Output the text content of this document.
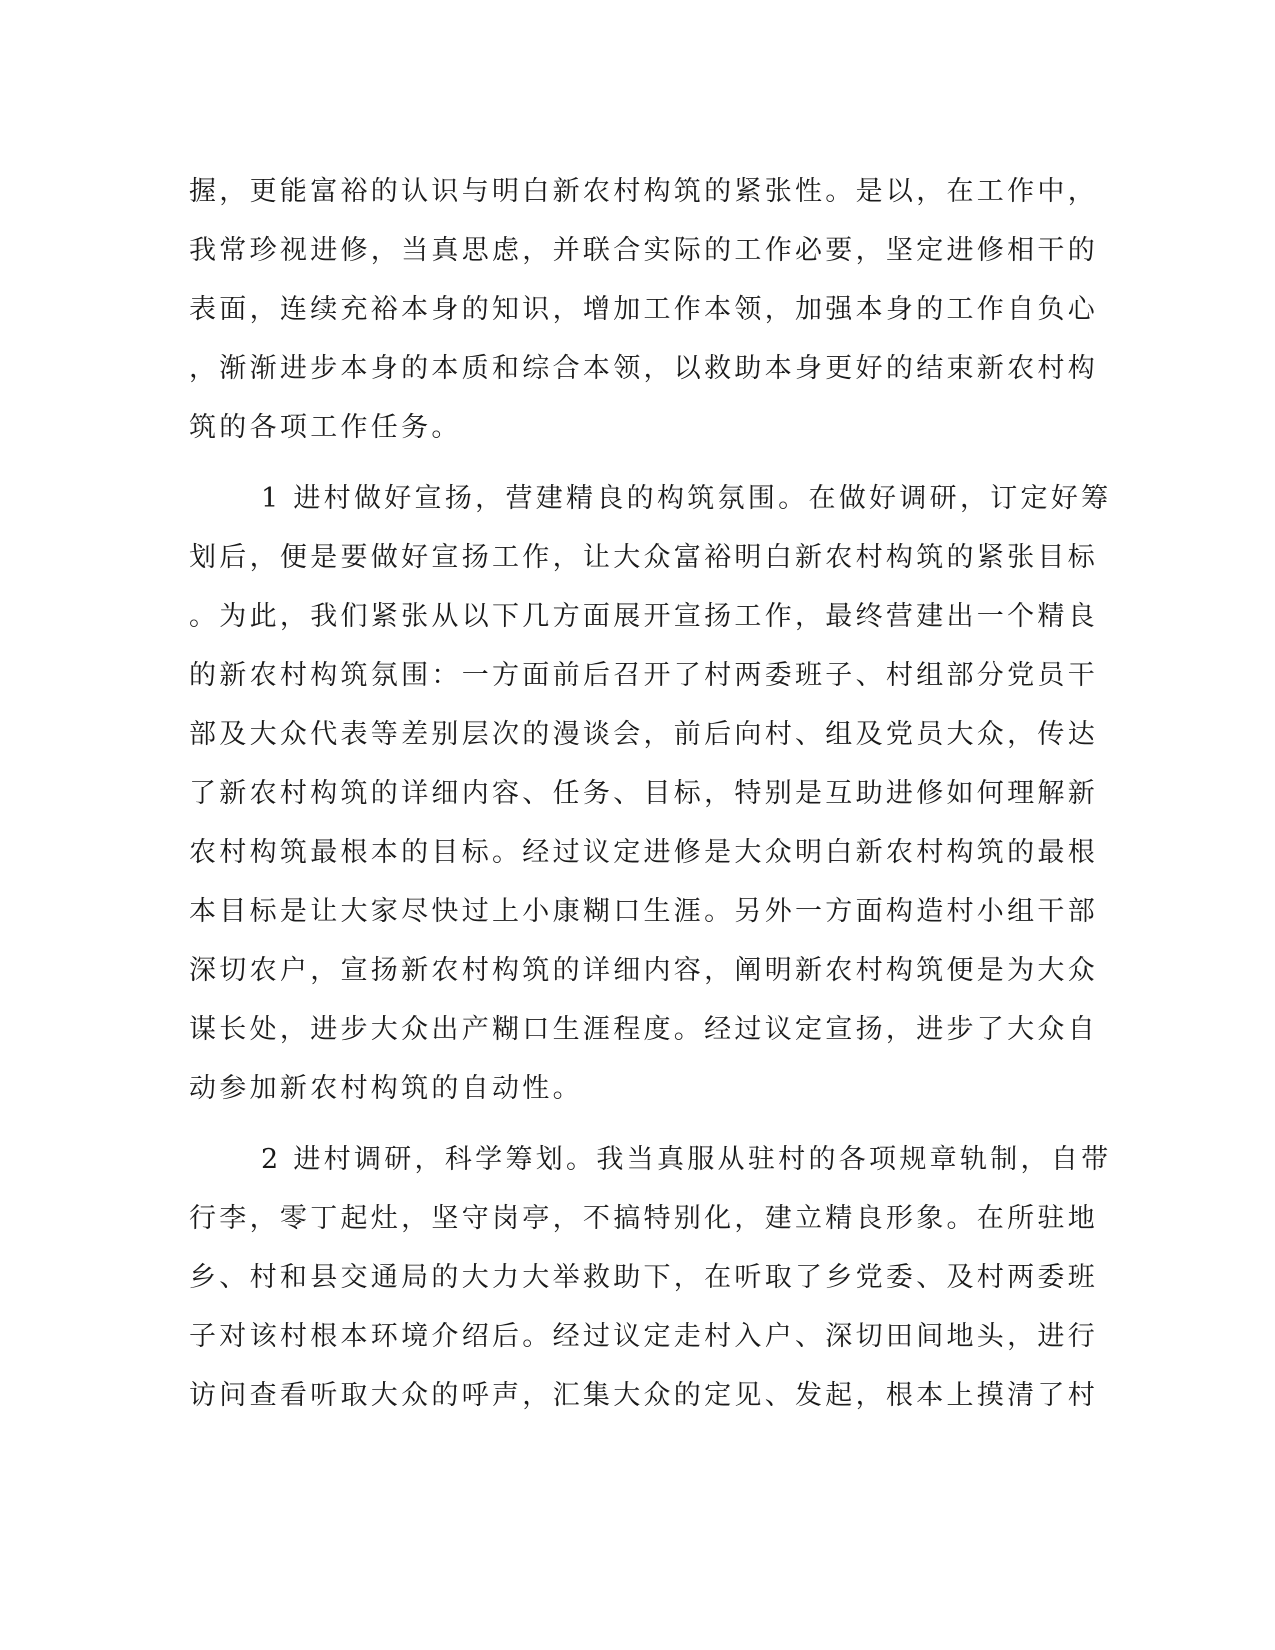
握，更能富裕的认识与明白新农村构筑的紧张性。是以，在工作中，
我常珍视进修，当真思虑，并联合实际的工作必要，坚定进修相干的
表面，连续充裕本身的知识，增加工作本领，加强本身的工作自负心
，渐渐进步本身的本质和综合本领，以救助本身更好的结束新农村构
筑的各项工作任务。
1 进村做好宣扬，营建精良的构筑氛围。在做好调研，订定好筹
划后，便是要做好宣扬工作，让大众富裕明白新农村构筑的紧张目标
。为此，我们紧张从以下几方面展开宣扬工作，最终营建出一个精良
的新农村构筑氛围：一方面前后召开了村两委班子、村组部分党员干
部及大众代表等差别层次的漫谈会，前后向村、组及党员大众，传达
了新农村构筑的详细内容、任务、目标，特别是互助进修如何理解新
农村构筑最根本的目标。经过议定进修是大众明白新农村构筑的最根
本目标是让大家尽快过上小康糊口生涯。另外一方面构造村小组干部
深切农户，宣扬新农村构筑的详细内容，阐明新农村构筑便是为大众
谋长处，进步大众出产糊口生涯程度。经过议定宣扬，进步了大众自
动参加新农村构筑的自动性。
2 进村调研，科学筹划。我当真服从驻村的各项规章轨制，自带
行李，零丁起灶，坚守岗亭，不搞特别化，建立精良形象。在所驻地
乡、村和县交通局的大力大举救助下，在听取了乡党委、及村两委班
子对该村根本环境介绍后。经过议定走村入户、深切田间地头，进行
访问查看听取大众的呼声，汇集大众的定见、发起，根本上摸清了村
